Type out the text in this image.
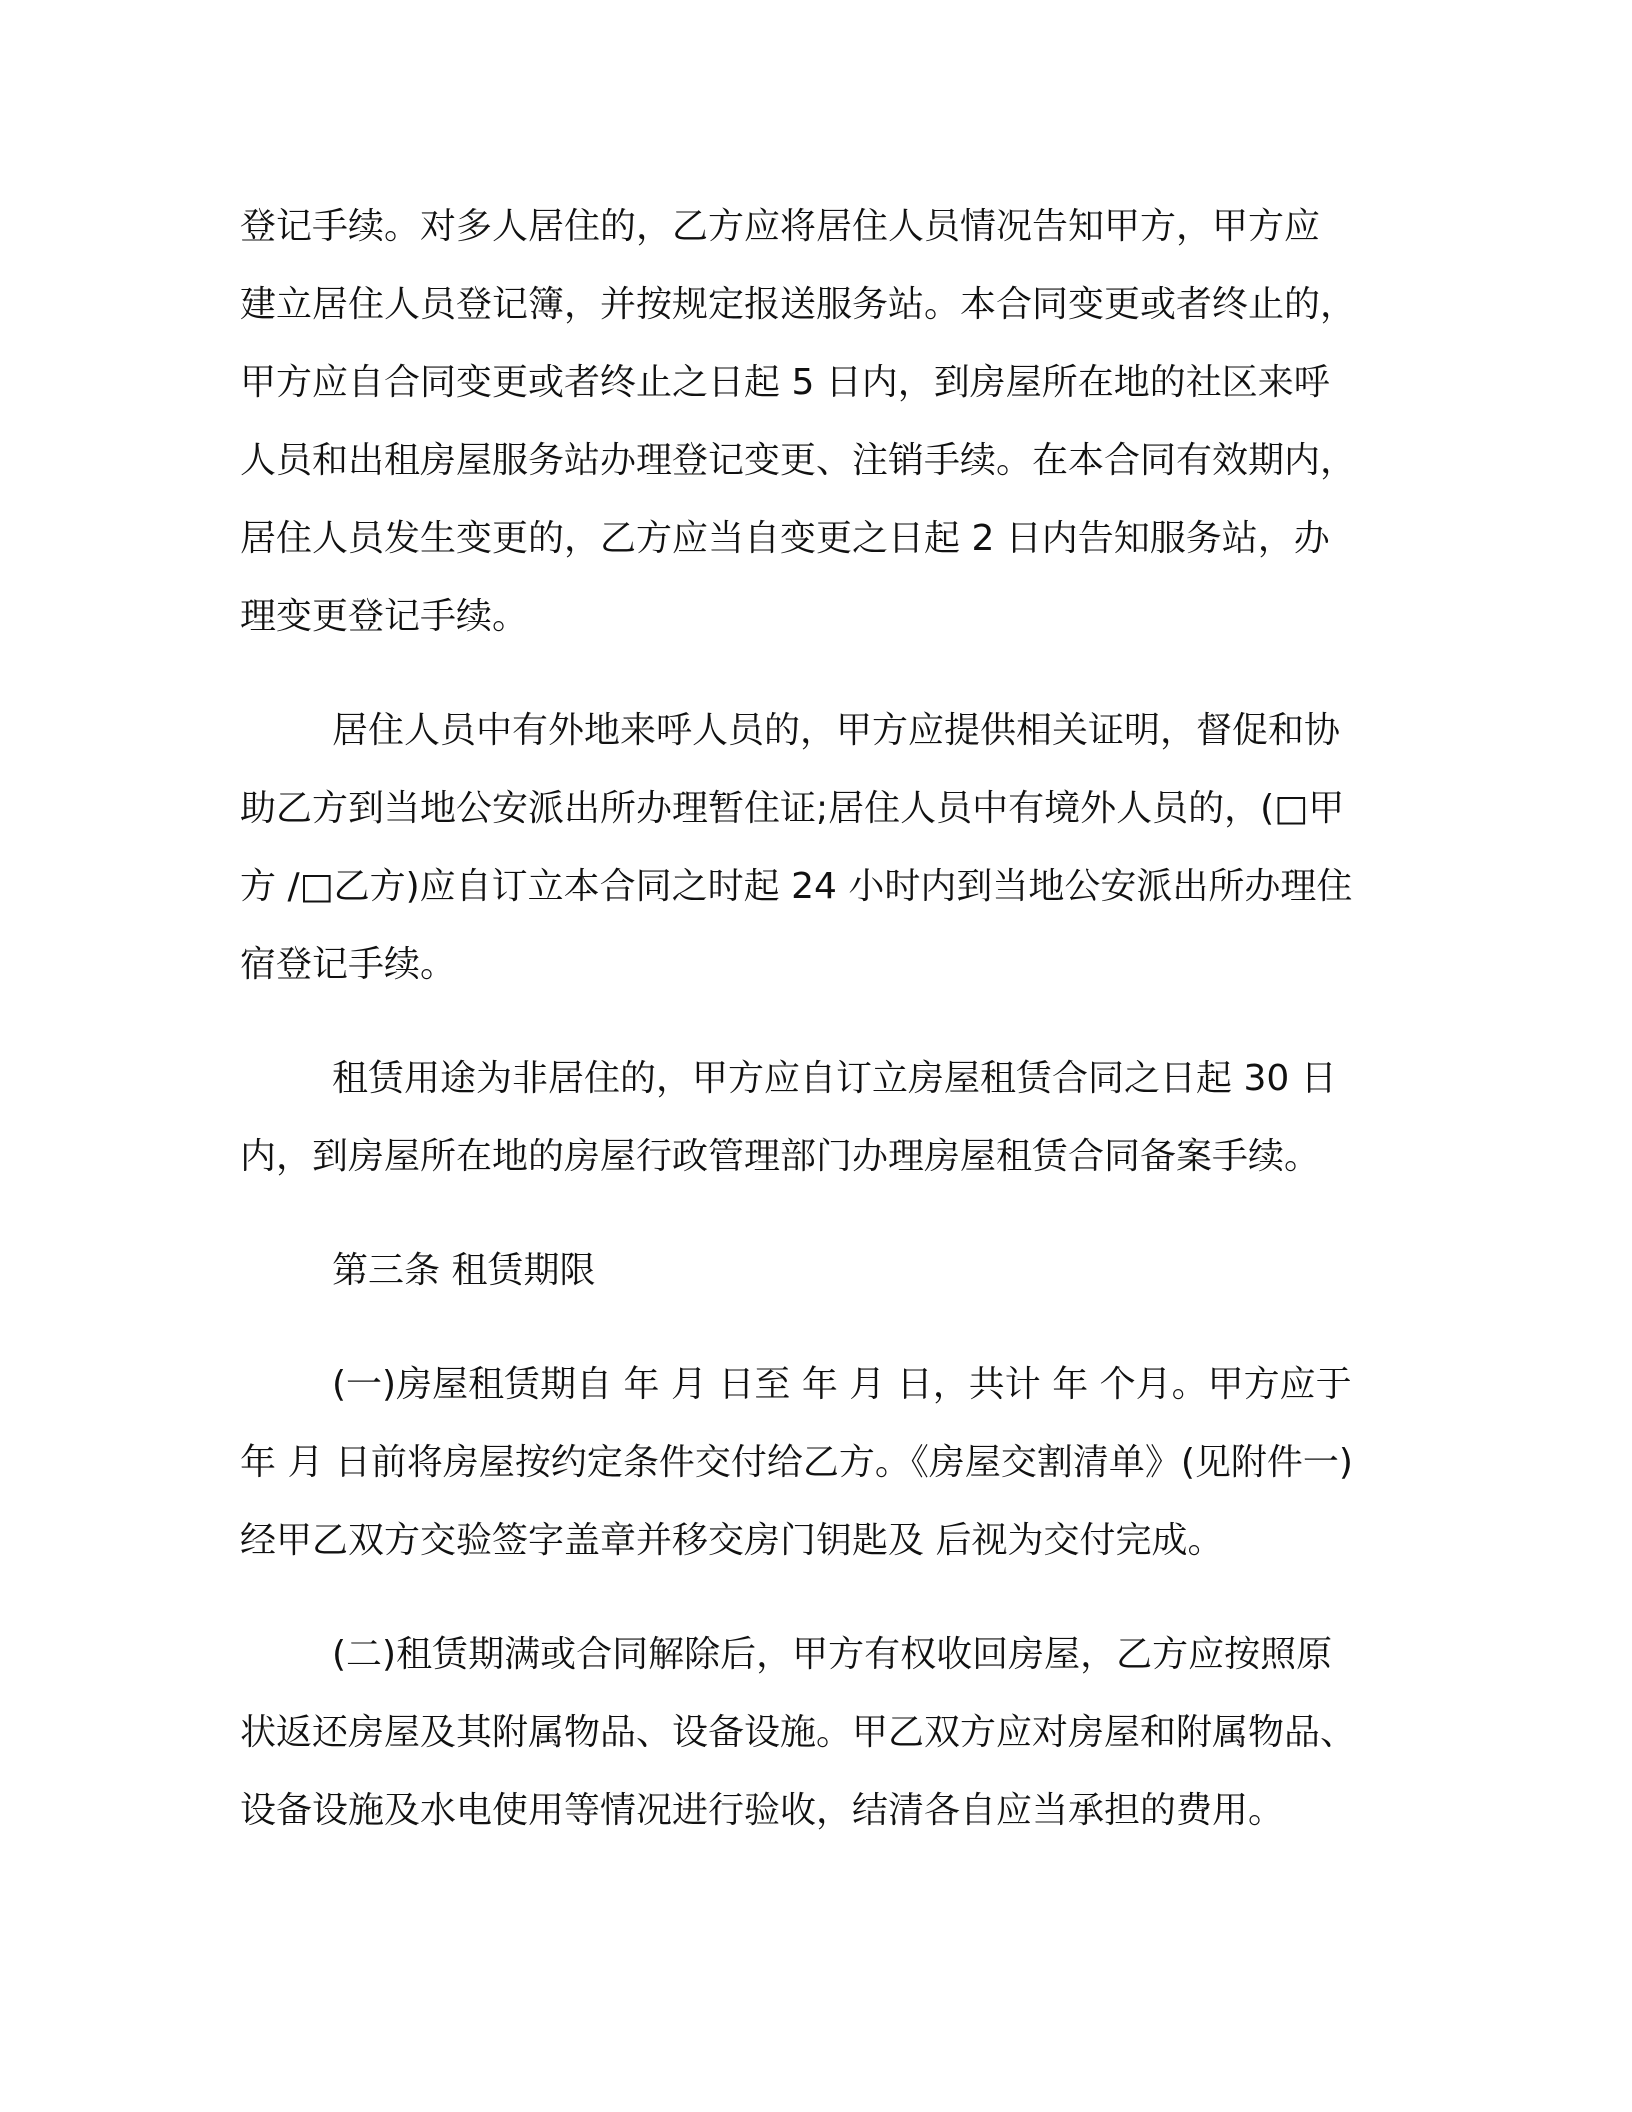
登记手续。对多人居住的，乙方应将居住人员情况告知甲方，甲方应
建立居住人员登记簿，并按规定报送服务站。本合同变更或者终止的，
甲方应自合同变更或者终止之日起 5 日内，到房屋所在地的社区来呼
人员和出租房屋服务站办理登记变更、注销手续。在本合同有效期内，
居住人员发生变更的，乙方应当自变更之日起 2 日内告知服务站，办
理变更登记手续。
居住人员中有外地来呼人员的，甲方应提供相关证明，督促和协
助乙方到当地公安派出所办理暂住证;居住人员中有境外人员的，(□甲
方 /□乙方)应自订立本合同之时起 24 小时内到当地公安派出所办理住
宿登记手续。
租赁用途为非居住的，甲方应自订立房屋租赁合同之日起 30 日
内，到房屋所在地的房屋行政管理部门办理房屋租赁合同备案手续。
第三条 租赁期限
(一)房屋租赁期自 年 月 日至 年 月 日，共计 年 个月。甲方应于
年 月 日前将房屋按约定条件交付给乙方。《房屋交割清单》(见附件一)
经甲乙双方交验签字盖章并移交房门钥匙及 后视为交付完成。
(二)租赁期满或合同解除后，甲方有权收回房屋，乙方应按照原
状返还房屋及其附属物品、设备设施。甲乙双方应对房屋和附属物品、
设备设施及水电使用等情况进行验收，结清各自应当承担的费用。
